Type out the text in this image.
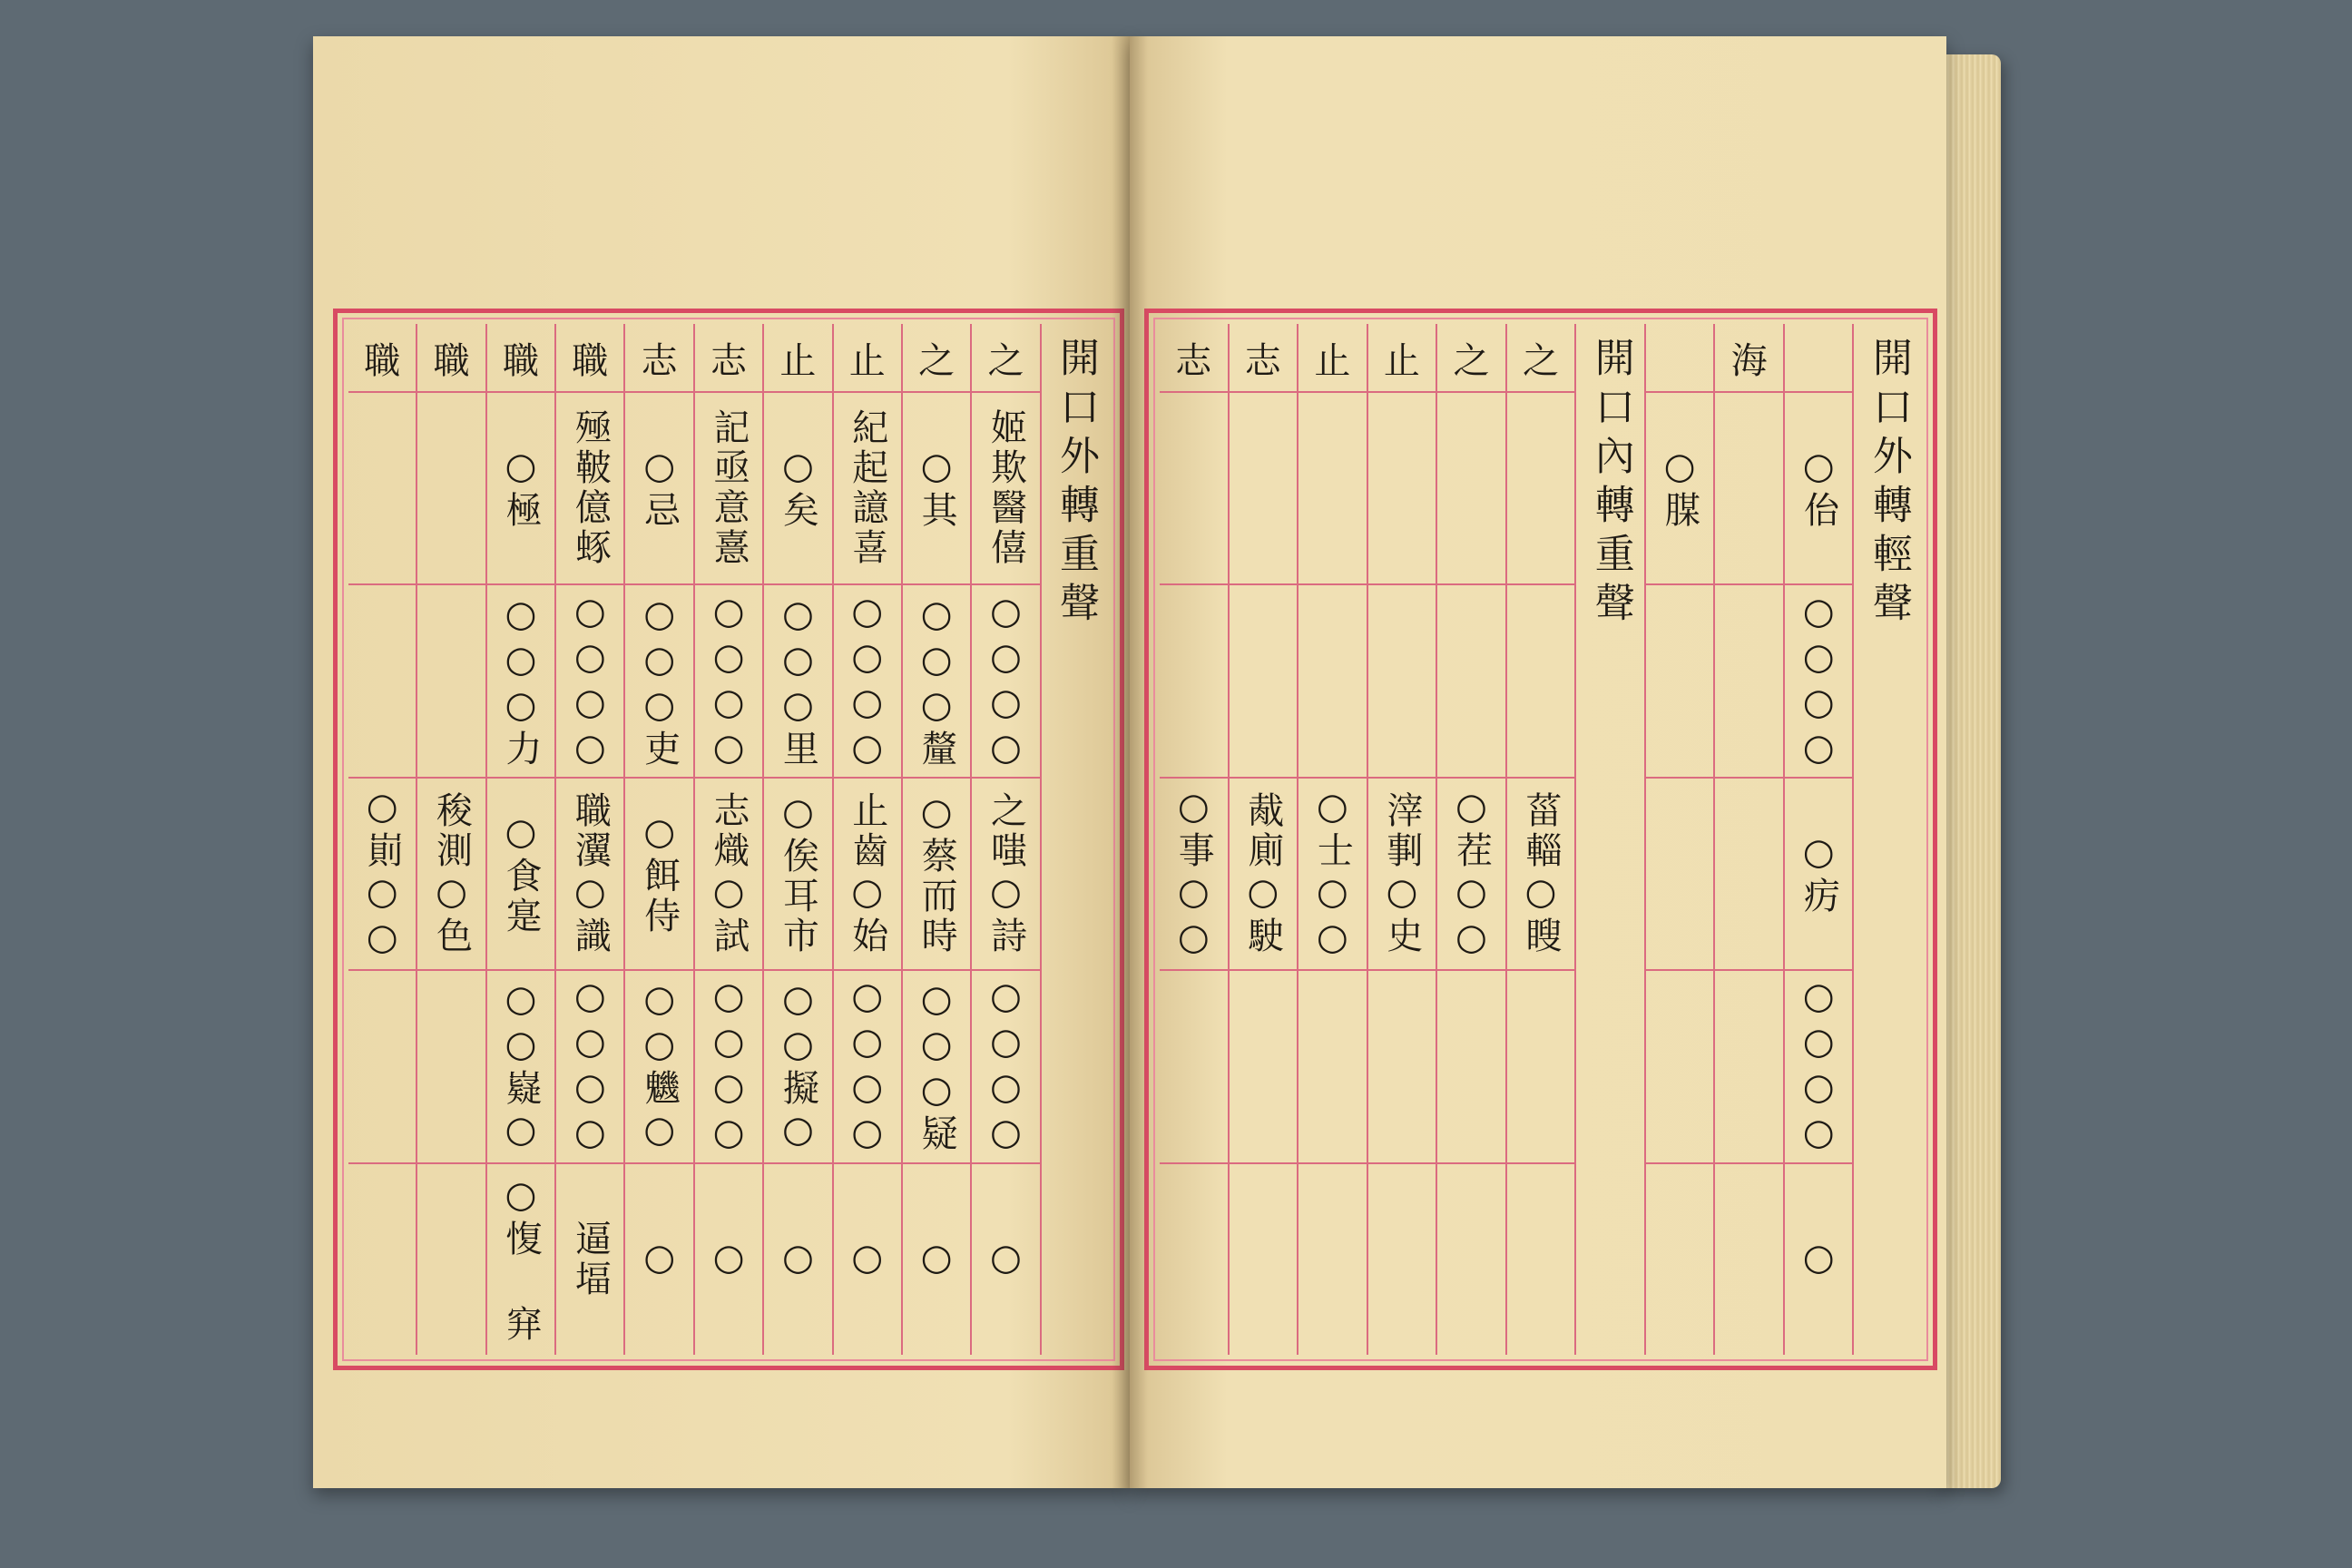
開口外轉重聲
之
姬欺醫僖
○○○○
之嗤○詩
○○○○
○
之
○其
○○○釐
○蔡而時
○○○疑
○
止
紀起譩喜
○○○○
止齒○始
○○○○
○
止
○矣
○○○里
○俟耳市
○○擬○
○
志
記亟意憙
○○○○
志熾○試
○○○○
○
志
○忌
○○○吏
○餌侍
○○魕○
○
職
殛鞁億䖶
○○○○
職瀷○識
○○○○
逼堛
職
○極
○○○力
○食寔
○○嶷○
○愎 穽
職
稄測○色
職
○崱○○
開口外轉輕聲
○佁
○○○○
○疠
○○○○
○
海
○腜
開口內轉重聲
之
菑輜○瞍
之
○茬○○
止
滓剚○史
止
○士○○
志
胾廁○駛
志
○事○○
